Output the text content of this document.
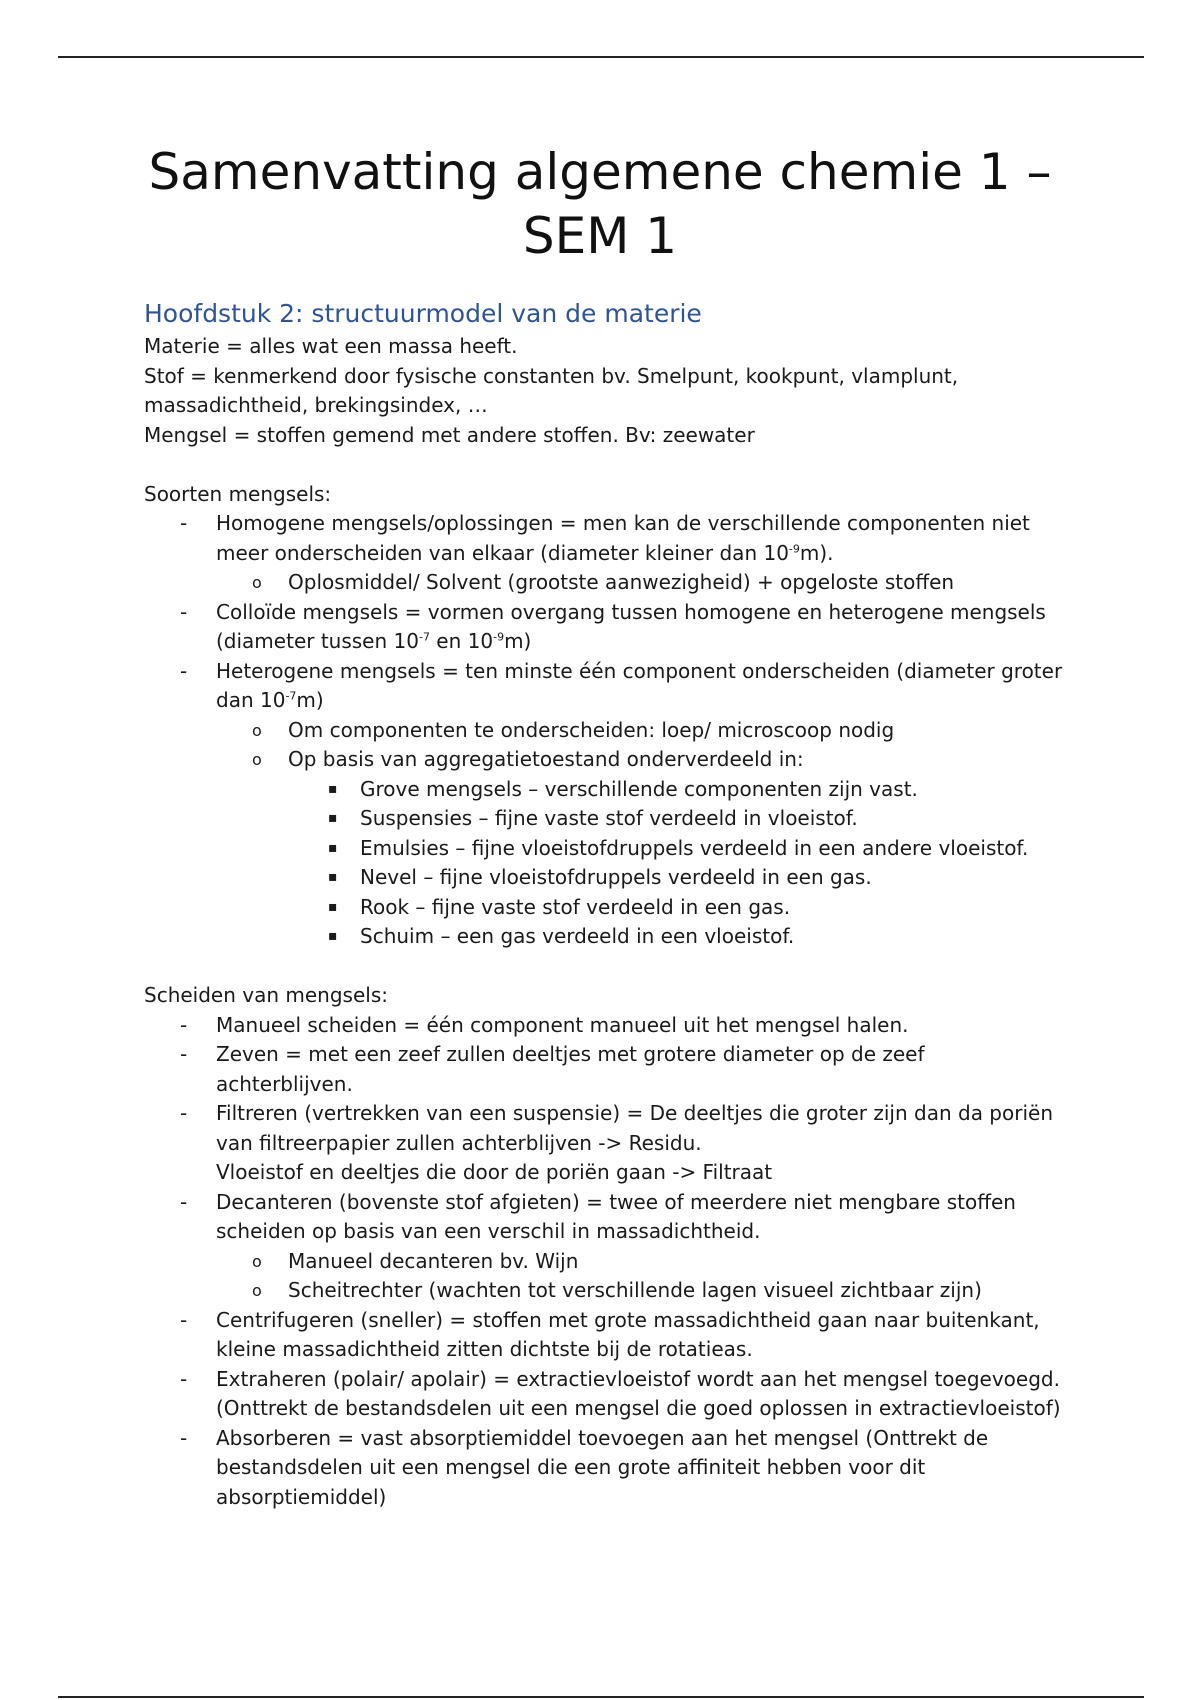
Samenvatting algemene chemie 1 – SEM 1
Hoofdstuk 2: structuurmodel van de materie

Materie = alles wat een massa heeft.

Stof = kenmerkend door fysische constanten bv. Smelpunt, kookpunt, vlamplunt, massadichtheid, brekingsindex, …

Mengsel = stoffen gemend met andere stoffen. Bv: zeewater

Soorten mengsels:

- Homogene mengsels/oplossingen = men kan de verschillende componenten niet meer onderscheiden van elkaar (diameter kleiner dan $10^{-9}m$).
o Oplosmiddel/ Solvent (grootste aanwezigheid) + opgeloste stoffen
- Colloïde mengsels = vormen overgang tussen homogene en heterogene mengsels (diameter tussen $10^{-7}$ en $10^{-9}m$)
- Heterogene mengsels = ten minste één component onderscheiden (diameter groter dan $10^{-7}m$)
o Om componenten te onderscheiden: loep/ microscoop nodig
o Op basis van aggregatietoestand onderverdeeld in:
▪ Grove mengsels – verschillende componenten zijn vast.
▪ Suspensies – fijne vaste stof verdeeld in vloeistof.
▪ Emulsies – fijne vloeistofdruppels verdeeld in een andere vloeistof.
▪ Nevel – fijne vloeistofdruppels verdeeld in een gas.
▪ Rook – fijne vaste stof verdeeld in een gas.
▪ Schuim – een gas verdeeld in een vloeistof.

Scheiden van mengsels:

- Manueel scheiden = één component manueel uit het mengsel halen.
- Zeven = met een zeef zullen deeltjes met grotere diameter op de zeef achterblijven.
- Filtreren (vertrekken van een suspensie) = De deeltjes die groter zijn dan da poriën van filtreerpapier zullen achterblijven -> Residu.
Vloeistof en deeltjes die door de poriën gaan -> Filtraat
- Decanteren (bovenste stof afgieten) = twee of meerdere niet mengbare stoffen scheiden op basis van een verschil in massadichtheid.
o Manueel decanteren bv. Wijn
o Scheitrechter (wachten tot verschillende lagen visueel zichtbaar zijn)
- Centrifugeren (sneller) = stoffen met grote massadichtheid gaan naar buitenkant, kleine massadichtheid zitten dichtste bij de rotatieas.
- Extraheren (polair/ apolair) = extractievloeistof wordt aan het mengsel toegevoegd. (Onttrekt de bestandsdelen uit een mengsel die goed oplossen in extractievloeistof)
- Absorberen = vast absorptiemiddel toevoegen aan het mengsel (Onttrekt de bestandsdelen uit een mengsel die een grote affiniteit hebben voor dit absorptiemiddel)
